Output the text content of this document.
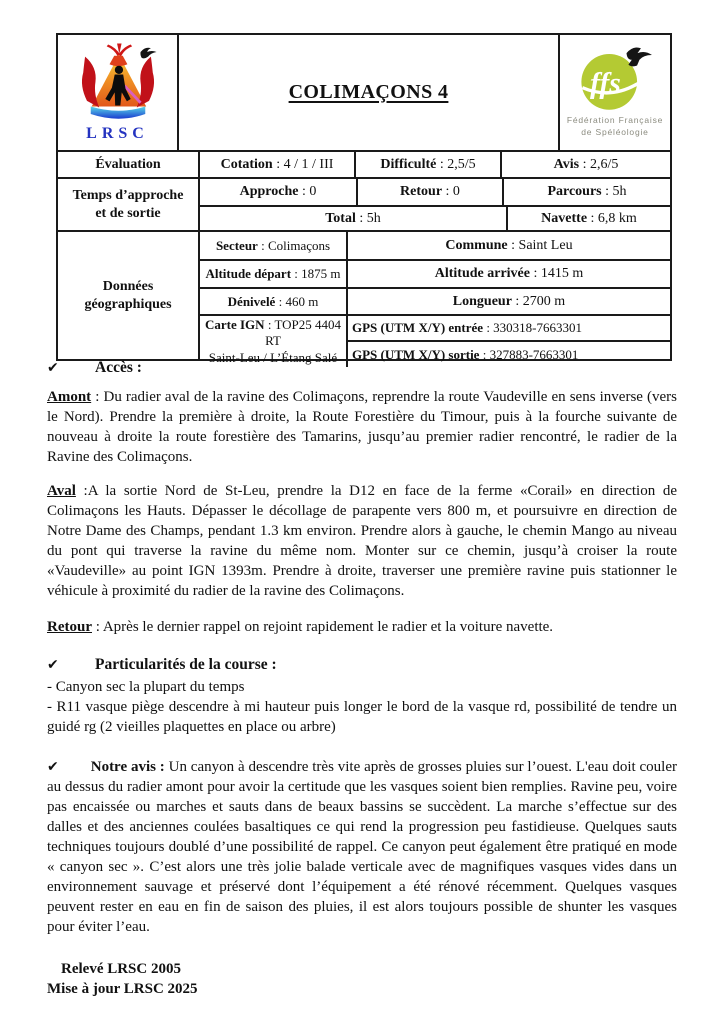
LRSC
COLIMAÇONS 4	ffs
Fédération Française
de Spéléologie
Évaluation	Cotation : 4 / 1 / III	Difficulté : 2,5/5	Avis : 2,6/5
Temps d’approche
et de sortie
Approche : 0	Retour : 0	Parcours : 5h
Total : 5h	Navette : 6,8 km
Données
géographiques
Secteur : Colimaçons	Commune : Saint Leu
Altitude départ : 1875 m	Altitude arrivée : 1415 m
Dénivelé : 460 m	Longueur : 2700 m
Carte IGN : TOP25 4404 RT
Saint-Leu / L’Étang Salé
GPS (UTM X/Y) entrée : 330318-7663301
GPS (UTM X/Y) sortie : 327883-7663301
✔	Accès :

Amont : Du radier aval de la ravine des Colimaçons, reprendre la route Vaudeville en sens inverse (vers le Nord). Prendre la première à droite, la Route Forestière du Timour, puis à la fourche suivante de nouveau à droite la route forestière des Tamarins, jusqu’au premier radier rencontré, le radier de la Ravine des Colimaçons.

Aval :A la sortie Nord de St-Leu, prendre la D12 en face de la ferme «Corail» en direction de Colimaçons les Hauts. Dépasser le décollage de parapente vers 800 m, et poursuivre en direction de Notre Dame des Champs, pendant 1.3 km environ. Prendre alors à gauche, le chemin Mango au niveau du pont qui traverse la ravine du même nom. Monter sur ce chemin, jusqu’à croiser la route «Vaudeville» au point IGN 1393m. Prendre à droite, traverser une première ravine puis stationner le véhicule à proximité du radier de la ravine des Colimaçons.

Retour : Après le dernier rappel on rejoint rapidement le radier et la voiture navette.

✔	Particularités de la course :

- Canyon sec la plupart du temps

- R11 vasque piège descendre à mi hauteur puis longer le bord de la vasque rd, possibilité de tendre un guidé rg (2 vieilles plaquettes en place ou arbre)

✔ Notre avis : Un canyon à descendre très vite après de grosses pluies sur l’ouest. L'eau doit couler au dessus du radier amont pour avoir la certitude que les vasques soient bien remplies. Ravine peu, voire pas encaissée ou marches et sauts dans de beaux bassins se succèdent. La marche s’effectue sur des dalles et des anciennes coulées basaltiques ce qui rend la progression peu fastidieuse. Quelques sauts techniques toujours doublé d’une possibilité de rappel. Ce canyon peut également être pratiqué en mode « canyon sec ». C’est alors une très jolie balade verticale avec de magnifiques vasques vides dans un environnement sauvage et préservé dont l’équipement a été rénové récemment. Quelques vasques peuvent rester en eau en fin de saison des pluies, il est alors toujours possible de shunter les vasques pour éviter l’eau.

Relevé LRSC 2005
Mise à jour LRSC 2025
